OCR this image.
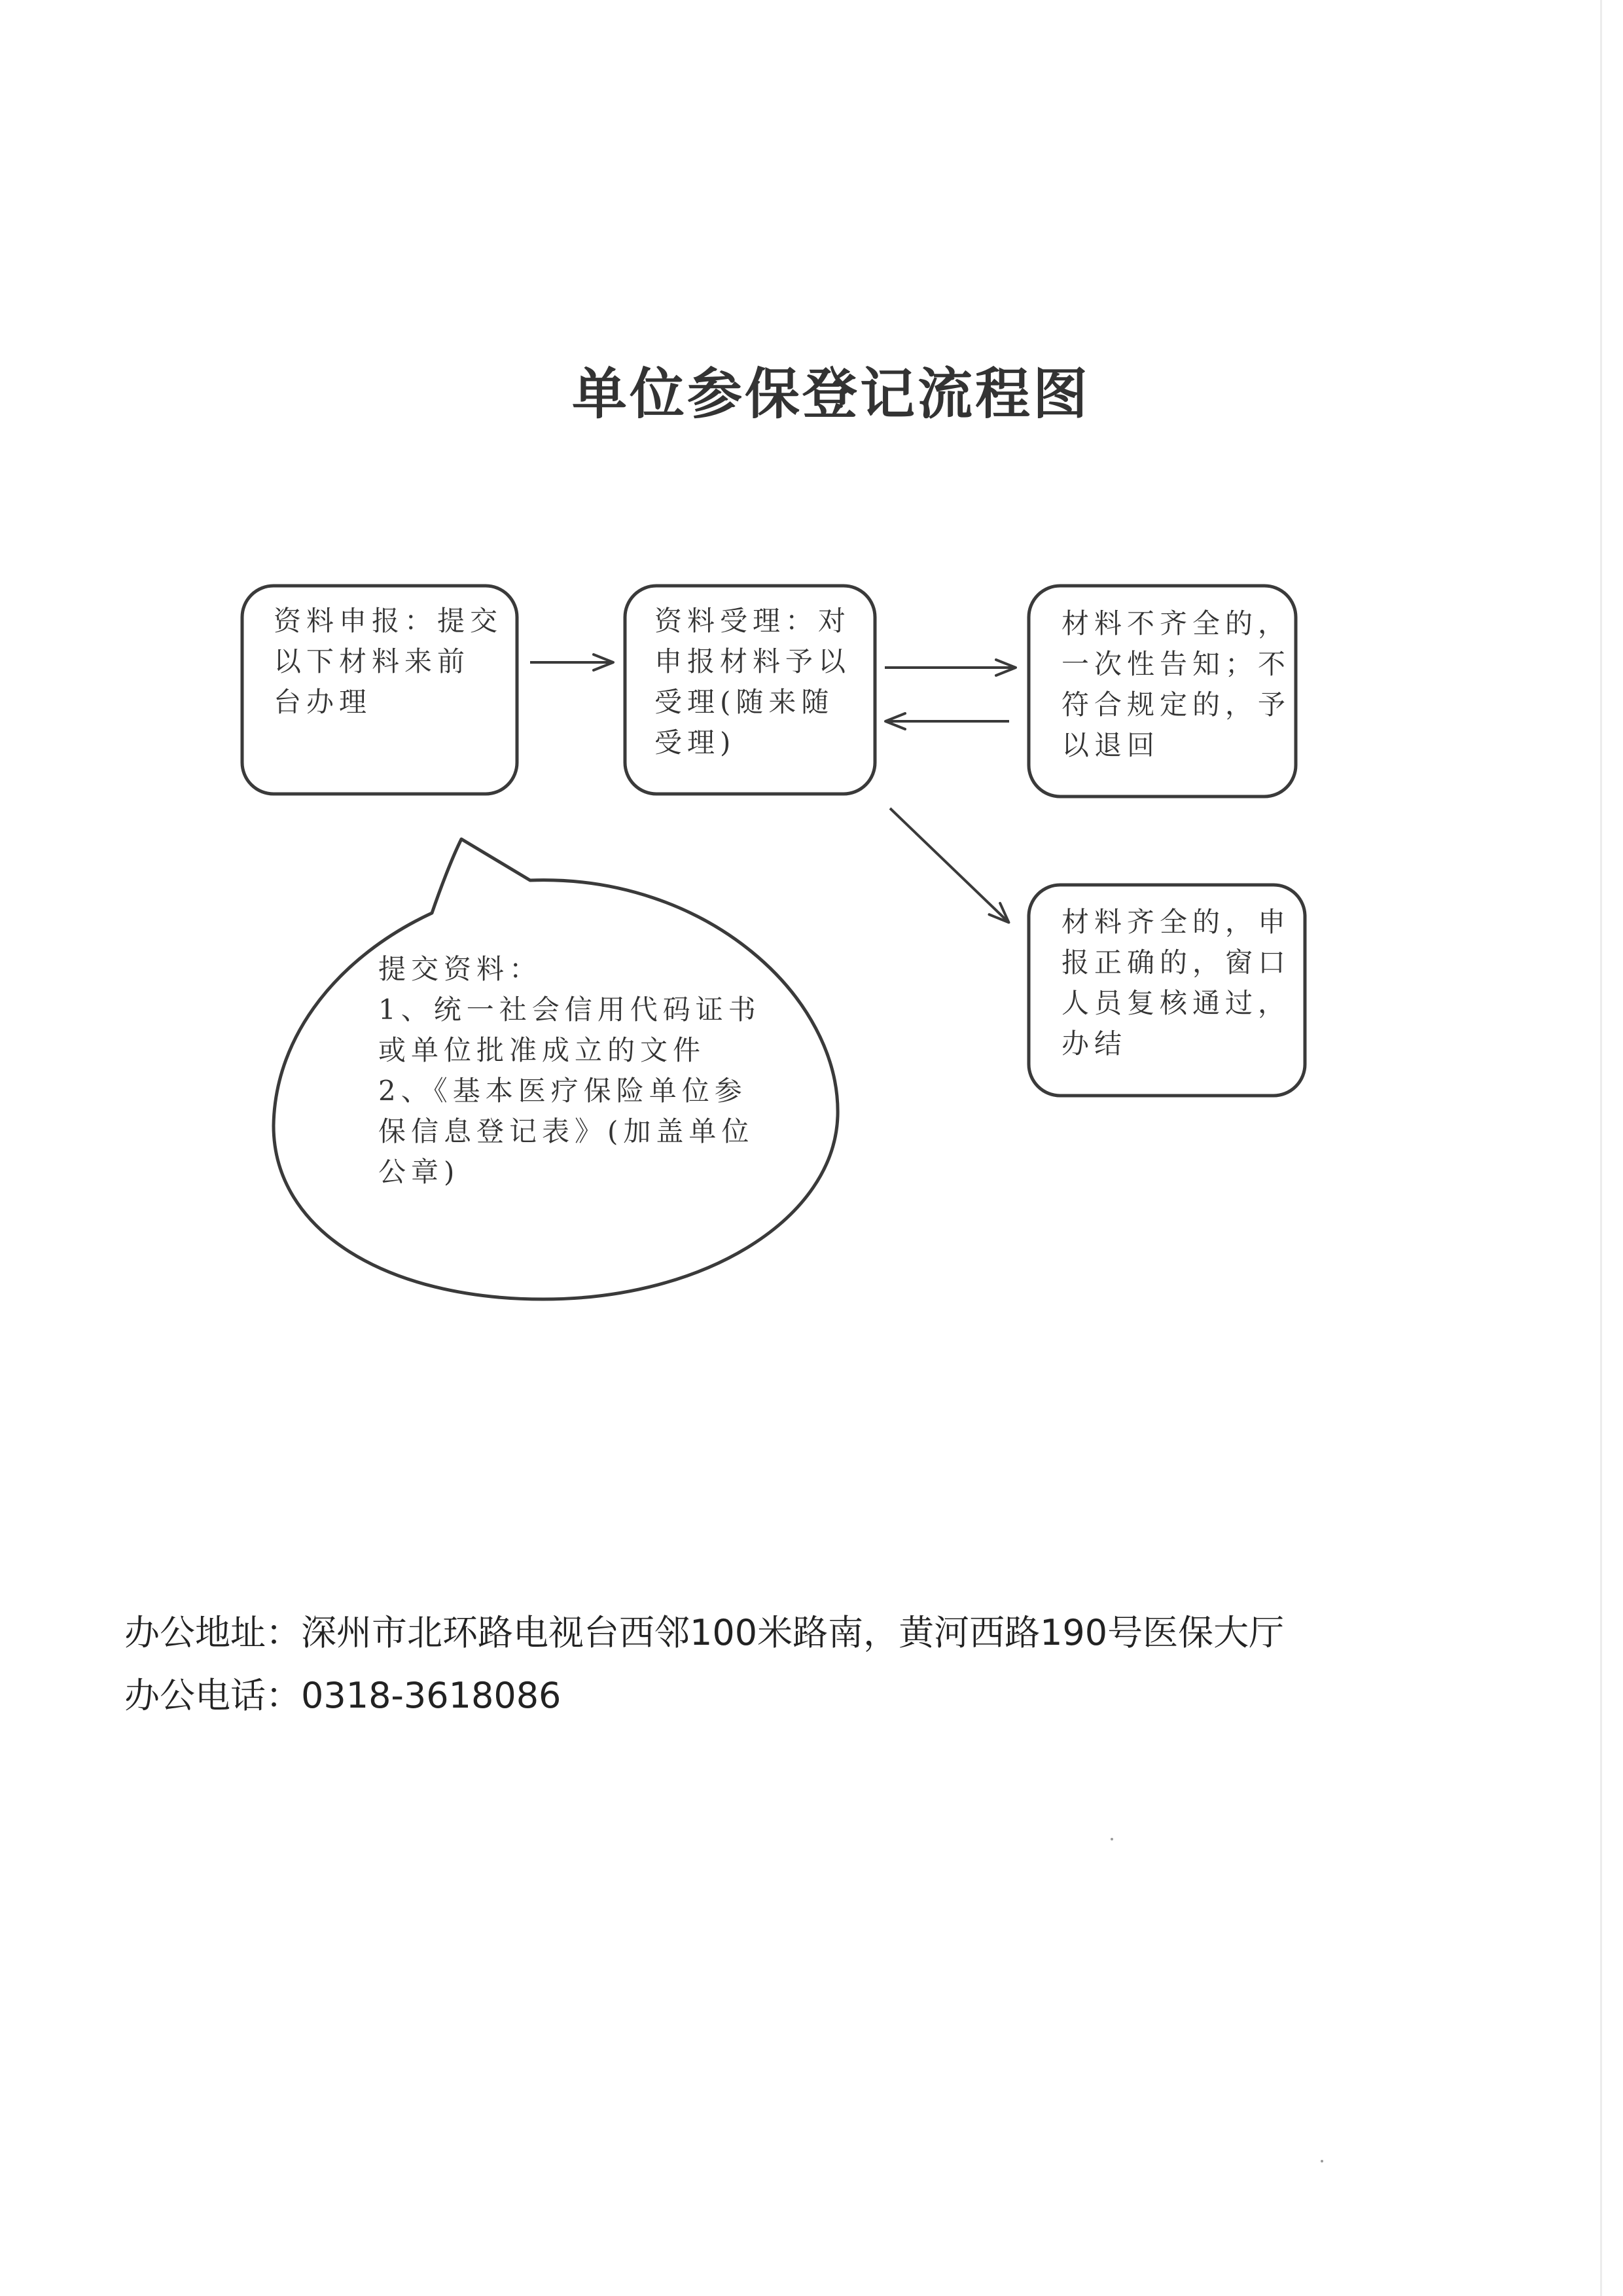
单位参保登记流程图
资料申报：提交
以下材料来前
台办理
资料受理：对
申报材料予以
受理(随来随
受理)
材料不齐全的，
一次性告知；不
符合规定的，予
以退回
材料齐全的，申
报正确的，窗口
人员复核通过，
办结
提交资料：
1、统一社会信用代码证书
或单位批准成立的文件
2、《基本医疗保险单位参
保信息登记表》(加盖单位
公章)
办公地址：深州市北环路电视台西邻100米路南，黄河西路190号医保大厅
办公电话：0318-3618086
